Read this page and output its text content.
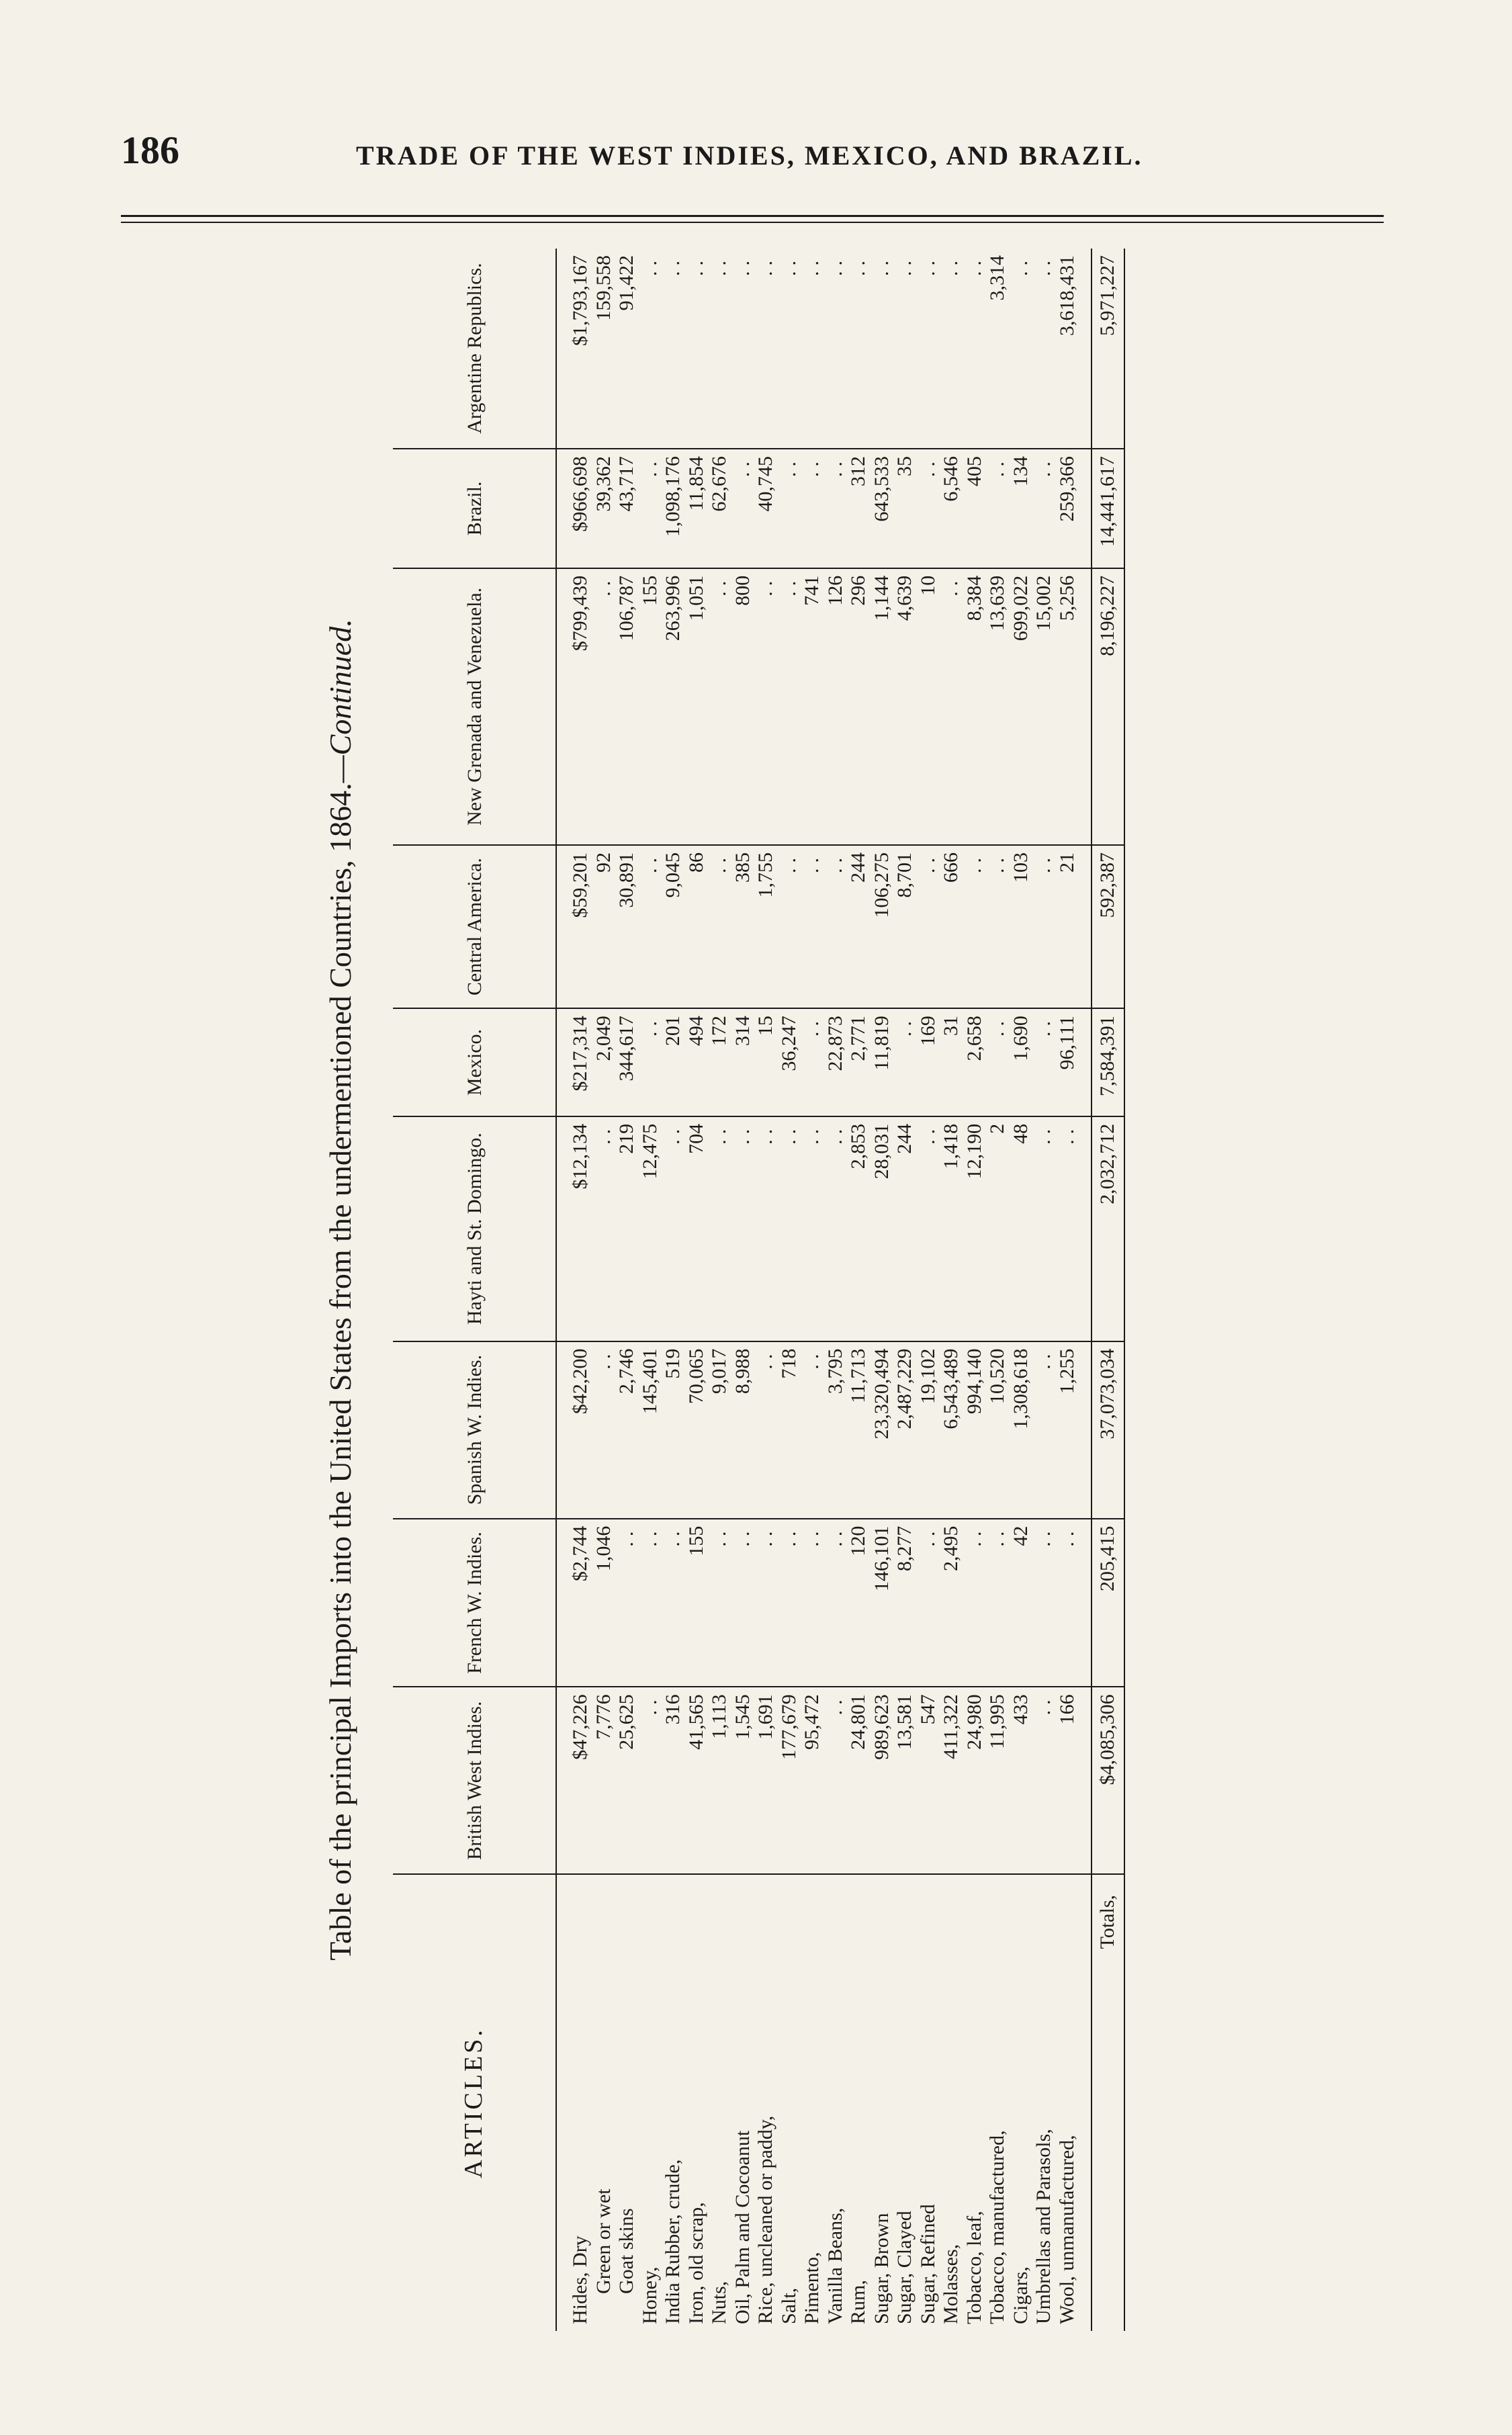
186	TRADE OF THE WEST INDIES, MEXICO, AND BRAZIL.
Table of the principal Imports into the United States from the undermentioned Countries, 1864.—Continued.
ARTICLES.	British West Indies.	French W. Indies.	Spanish W. Indies.	Hayti and St. Domingo.	Mexico.	Central America.	New Grenada and Venezuela.	Brazil.	Argentine Republics.
Hides, Dry	$47,226	$2,744	$42,200	$12,134	$217,314	$59,201	$799,439	$966,698	$1,793,167
Green or wet	7,776	1,046	..	..	2,049	92	..	39,362	159,558
Goat skins	25,625	..	2,746	219	344,617	30,891	106,787	43,717	91,422
Honey,	..	..	145,401	12,475	..	..	155	..	..
India Rubber, crude,	316	..	519	..	201	9,045	263,996	1,098,176	..
Iron, old scrap,	41,565	155	70,065	704	494	86	1,051	11,854	..
Nuts,	1,113	..	9,017	..	172	..	..	62,676	..
Oil, Palm and Cocoanut	1,545	..	8,988	..	314	385	800	..	..
Rice, uncleaned or paddy,	1,691	..	..	..	15	1,755	..	40,745	..
Salt,	177,679	..	718	..	36,247	..	..	..	..
Pimento,	95,472	..	..	..	..	..	741	..	..
Vanilla Beans,	..	..	3,795	..	22,873	..	126	..	..
Rum,	24,801	120	11,713	2,853	2,771	244	296	312	..
Sugar, Brown	989,623	146,101	23,320,494	28,031	11,819	106,275	1,144	643,533	..
Sugar, Clayed	13,581	8,277	2,487,229	244	..	8,701	4,639	35	..
Sugar, Refined	547	..	19,102	..	169	..	10	..	..
Molasses,	411,322	2,495	6,543,489	1,418	31	666	..	6,546	..
Tobacco, leaf,	24,980	..	994,140	12,190	2,658	..	8,384	405	..
Tobacco, manufactured,	11,995	..	10,520	2	..	..	13,639	..	3,314
Cigars,	433	42	1,308,618	48	1,690	103	699,022	134	..
Umbrellas and Parasols,	..	..	..	..	..	..	15,002	..	..
Wool, unmanufactured,	166	..	1,255	..	96,111	21	5,256	259,366	3,618,431
Totals,	$4,085,306	205,415	37,073,034	2,032,712	7,584,391	592,387	8,196,227	14,441,617	5,971,227
